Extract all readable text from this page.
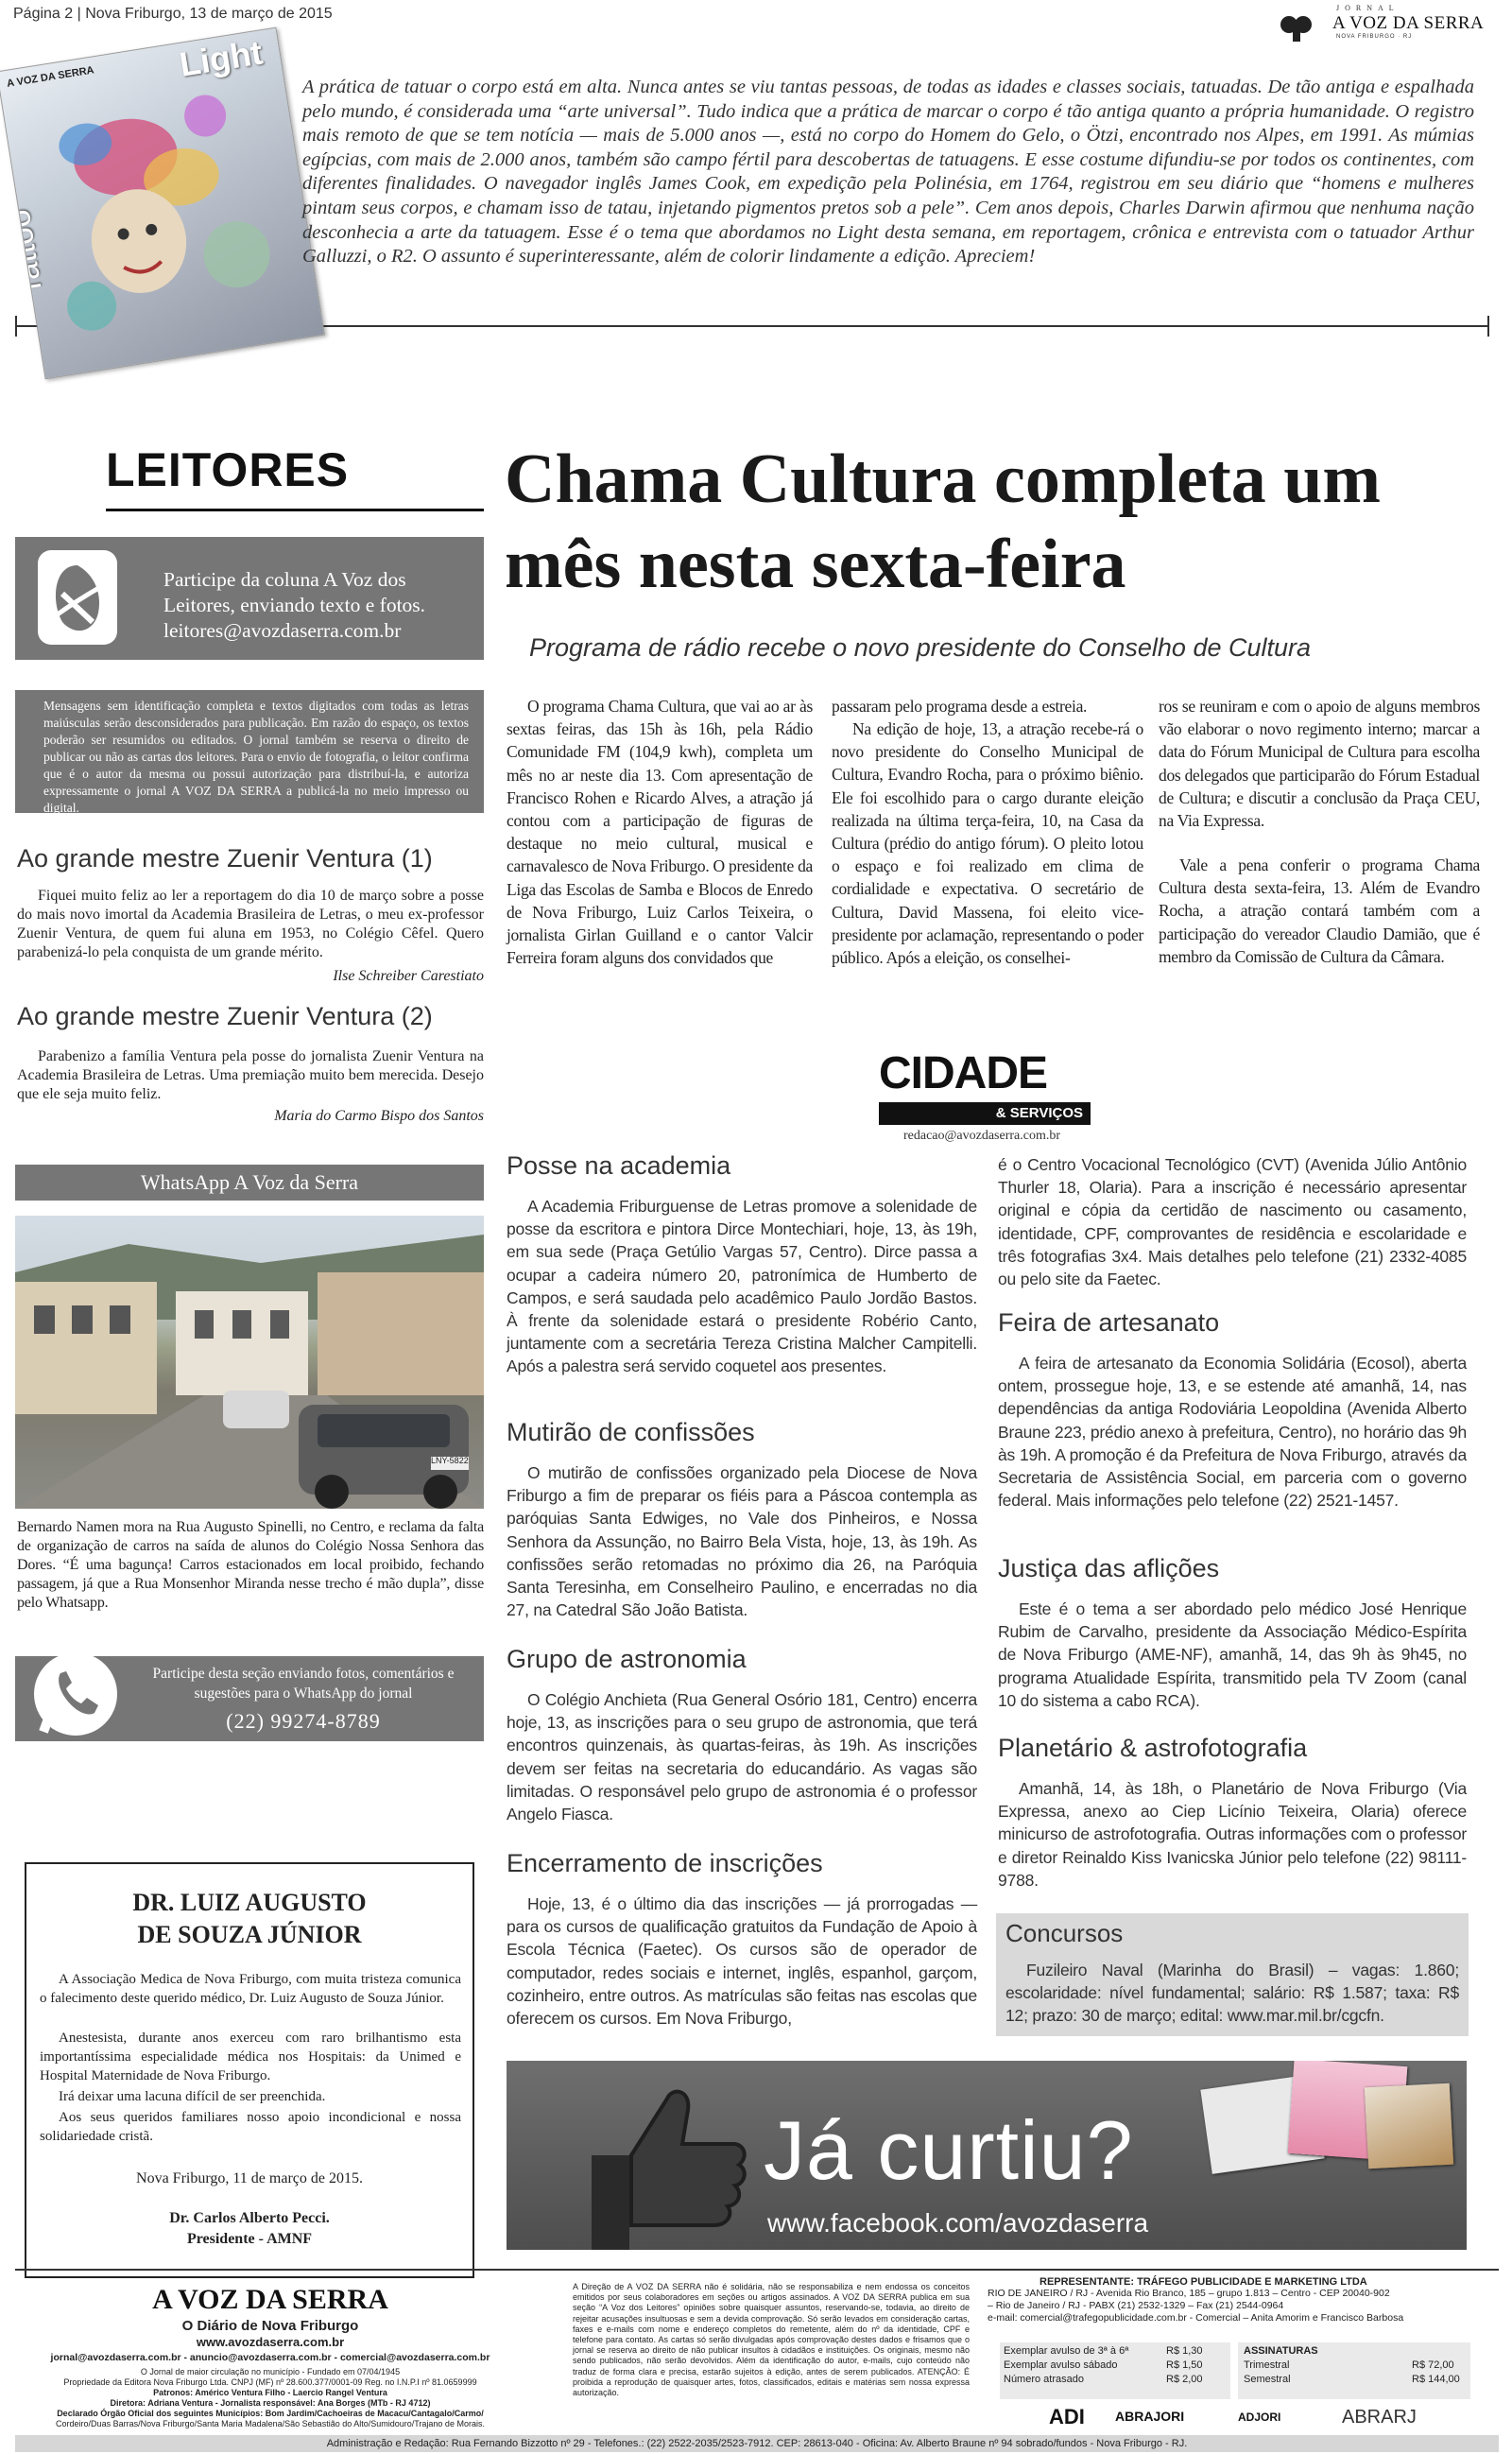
Página 2 | Nova Friburgo, 13 de março de 2015	JORNAL
A VOZ DA SERRA
NOVA FRIBURGO · RJ
A VOZ DA SERRA Light
Tattoo
A prática de tatuar o corpo está em alta. Nunca antes se viu tantas pessoas, de todas as idades e classes sociais, tatuadas. De tão antiga e espalhada pelo mundo, é considerada uma “arte universal”. Tudo indica que a prática de marcar o corpo é tão antiga quanto a própria humanidade. O registro mais remoto de que se tem notícia — mais de 5.000 anos —, está no corpo do Homem do Gelo, o Ötzi, encontrado nos Alpes, em 1991. As múmias egípcias, com mais de 2.000 anos, também são campo fértil para descobertas de tatuagens. E esse costume difundiu-se por todos os continentes, com diferentes finalidades. O navegador inglês James Cook, em expedição pela Polinésia, em 1764, registrou em seu diário que “homens e mulheres pintam seus corpos, e chamam isso de tatau, injetando pigmentos pretos sob a pele”. Cem anos depois, Charles Darwin afirmou que nenhuma nação desconhecia a arte da tatuagem. Esse é o tema que abordamos no Light desta semana, em reportagem, crônica e entrevista com o tatuador Arthur Galluzzi, o R2. O assunto é superinteressante, além de colorir lindamente a edição. Apreciem!
LEITORES
Participe da coluna A Voz dos Leitores, enviando texto e fotos.
leitores@avozdaserra.com.br
Mensagens sem identificação completa e textos digitados com todas as letras maiúsculas serão desconsiderados para publicação. Em razão do espaço, os textos poderão ser resumidos ou editados. O jornal também se reserva o direito de publicar ou não as cartas dos leitores. Para o envio de fotografia, o leitor confirma que é o autor da mesma ou possui autorização para distribuí-la, e autoriza expressamente o jornal A VOZ DA SERRA a publicá-la no meio impresso ou digital.
Ao grande mestre Zuenir Ventura (1)
Fiquei muito feliz ao ler a reportagem do dia 10 de março sobre a posse do mais novo imortal da Academia Brasileira de Letras, o meu ex-professor Zuenir Ventura, de quem fui aluna em 1953, no Colégio Cêfel. Quero parabenizá-lo pela conquista de um grande mérito.
Ilse Schreiber Carestiato
Ao grande mestre Zuenir Ventura (2)
Parabenizo a família Ventura pela posse do jornalista Zuenir Ventura na Academia Brasileira de Letras. Uma premiação muito bem merecida. Desejo que ele seja muito feliz.
Maria do Carmo Bispo dos Santos
WhatsApp A Voz da Serra
LNY-5822
Bernardo Namen mora na Rua Augusto Spinelli, no Centro, e reclama da falta de organização de carros na saída de alunos do Colégio Nossa Senhora das Dores. “É uma bagunça! Carros estacionados em local proibido, fechando passagem, já que a Rua Monsenhor Miranda nesse trecho é mão dupla”, disse pelo Whatsapp.
Participe desta seção enviando fotos, comentários e sugestões para o WhatsApp do jornal
(22) 99274-8789
DR. LUIZ AUGUSTO
DE SOUZA JÚNIOR
A Associação Medica de Nova Friburgo, com muita tristeza comunica o falecimento deste querido médico, Dr. Luiz Augusto de Souza Júnior.
Anestesista, durante anos exerceu com raro brilhantismo esta importantíssima especialidade médica nos Hospitais: da Unimed e Hospital Maternidade de Nova Friburgo.
Irá deixar uma lacuna difícil de ser preenchida.
Aos seus queridos familiares nosso apoio incondicional e nossa solidariedade cristã.
Nova Friburgo, 11 de março de 2015.
Dr. Carlos Alberto Pecci.
Presidente - AMNF
Chama Cultura completa um mês nesta sexta-feira
Programa de rádio recebe o novo presidente do Conselho de Cultura
O programa Chama Cultura, que vai ao ar às sextas feiras, das 15h às 16h, pela Rádio Comunidade FM (104,9 kwh), completa um mês no ar neste dia 13. Com apresentação de Francisco Rohen e Ricardo Alves, a atração já contou com a participação de figuras de destaque no meio cultural, musical e carnavalesco de Nova Friburgo. O presidente da Liga das Escolas de Samba e Blocos de Enredo de Nova Friburgo, Luiz Carlos Teixeira, o jornalista Girlan Guilland e o cantor Valcir Ferreira foram alguns dos convidados que
passaram pelo programa desde a estreia.
Na edição de hoje, 13, a atração recebe-rá o novo presidente do Conselho Municipal de Cultura, Evandro Rocha, para o próximo biênio. Ele foi escolhido para o cargo durante eleição realizada na última terça-feira, 10, na Casa da Cultura (prédio do antigo fórum). O pleito lotou o espaço e foi realizado em clima de cordialidade e expectativa. O secretário de Cultura, David Massena, foi eleito vice-presidente por aclamação, representando o poder público. Após a eleição, os conselhei-
ros se reuniram e com o apoio de alguns membros vão elaborar o novo regimento interno; marcar a data do Fórum Municipal de Cultura para escolha dos delegados que participarão do Fórum Estadual de Cultura; e discutir a conclusão da Praça CEU, na Via Expressa.
Vale a pena conferir o programa Chama Cultura desta sexta-feira, 13. Além de Evandro Rocha, a atração contará também com a participação do vereador Claudio Damião, que é membro da Comissão de Cultura da Câmara.
CIDADE
& SERVIÇOS
redacao@avozdaserra.com.br
Posse na academia
A Academia Friburguense de Letras promove a solenidade de posse da escritora e pintora Dirce Montechiari, hoje, 13, às 19h, em sua sede (Praça Getúlio Vargas 57, Centro). Dirce passa a ocupar a cadeira número 20, patronímica de Humberto de Campos, e será saudada pelo acadêmico Paulo Jordão Bastos. À frente da solenidade estará o presidente Robério Canto, juntamente com a secretária Tereza Cristina Malcher Campitelli. Após a palestra será servido coquetel aos presentes.
Mutirão de confissões
O mutirão de confissões organizado pela Diocese de Nova Friburgo a fim de preparar os fiéis para a Páscoa contempla as paróquias Santa Edwiges, no Vale dos Pinheiros, e Nossa Senhora da Assunção, no Bairro Bela Vista, hoje, 13, às 19h. As confissões serão retomadas no próximo dia 26, na Paróquia Santa Teresinha, em Conselheiro Paulino, e encerradas no dia 27, na Catedral São João Batista.
Grupo de astronomia
O Colégio Anchieta (Rua General Osório 181, Centro) encerra hoje, 13, as inscrições para o seu grupo de astronomia, que terá encontros quinzenais, às quartas-feiras, às 19h. As inscrições devem ser feitas na secretaria do educandário. As vagas são limitadas. O responsável pelo grupo de astronomia é o professor Angelo Fiasca.
Encerramento de inscrições
Hoje, 13, é o último dia das inscrições — já prorrogadas — para os cursos de qualificação gratuitos da Fundação de Apoio à Escola Técnica (Faetec). Os cursos são de operador de computador, redes sociais e internet, inglês, espanhol, garçom, cozinheiro, entre outros. As matrículas são feitas nas escolas que oferecem os cursos. Em Nova Friburgo,
é o Centro Vocacional Tecnológico (CVT) (Avenida Júlio Antônio Thurler 18, Olaria). Para a inscrição é necessário apresentar original e cópia da certidão de nascimento ou casamento, identidade, CPF, comprovantes de residência e escolaridade e três fotografias 3x4. Mais detalhes pelo telefone (21) 2332-4085 ou pelo site da Faetec.
Feira de artesanato
A feira de artesanato da Economia Solidária (Ecosol), aberta ontem, prossegue hoje, 13, e se estende até amanhã, 14, nas dependências da antiga Rodoviária Leopoldina (Avenida Alberto Braune 223, prédio anexo à prefeitura, Centro), no horário das 9h às 19h. A promoção é da Prefeitura de Nova Friburgo, através da Secretaria de Assistência Social, em parceria com o governo federal. Mais informações pelo telefone (22) 2521-1457.
Justiça das aflições
Este é o tema a ser abordado pelo médico José Henrique Rubim de Carvalho, presidente da Associação Médico-Espírita de Nova Friburgo (AME-NF), amanhã, 14, das 9h às 9h45, no programa Atualidade Espírita, transmitido pela TV Zoom (canal 10 do sistema a cabo RCA).
Planetário & astrofotografia
Amanhã, 14, às 18h, o Planetário de Nova Friburgo (Via Expressa, anexo ao Ciep Licínio Teixeira, Olaria) oferece minicurso de astrofotografia. Outras informações com o professor e diretor Reinaldo Kiss Ivanicska Júnior pelo telefone (22) 98111-9788.
Concursos
Fuzileiro Naval (Marinha do Brasil) – vagas: 1.860; escolaridade: nível fundamental; salário: R$ 1.587; taxa: R$ 12; prazo: 30 de março; edital: www.mar.mil.br/cgcfn.
Já curtiu?
www.facebook.com/avozdaserra
A VOZ DA SERRA
O Diário de Nova Friburgo
www.avozdaserra.com.br
jornal@avozdaserra.com.br - anuncio@avozdaserra.com.br - comercial@avozdaserra.com.br
O Jornal de maior circulação no município - Fundado em 07/04/1945
Propriedade da Editora Nova Friburgo Ltda. CNPJ (MF) nº 28.600.377/0001-09 Reg. no I.N.P.I nº 81.0659999
Patronos: Américo Ventura Filho - Laercio Rangel Ventura
Diretora: Adriana Ventura - Jornalista responsável: Ana Borges (MTb - RJ 4712)
Declarado Órgão Oficial dos seguintes Municípios: Bom Jardim/Cachoeiras de Macacu/Cantagalo/Carmo/
Cordeiro/Duas Barras/Nova Friburgo/Santa Maria Madalena/São Sebastião do Alto/Sumidouro/Trajano de Morais.
A Direção de A VOZ DA SERRA não é solidária, não se responsabiliza e nem endossa os conceitos emitidos por seus colaboradores em seções ou artigos assinados. A VOZ DA SERRA publica em sua seção “A Voz dos Leitores” opiniões sobre quaisquer assuntos, reservando-se, todavia, ao direito de rejeitar acusações insultuosas e sem a devida comprovação. Só serão levados em consideração cartas, faxes e e-mails com nome e endereço completos do remetente, além do nº da identidade, CPF e telefone para contato. As cartas só serão divulgadas após comprovação destes dados e frisamos que o jornal se reserva ao direito de não publicar insultos à cidadãos e instituições. Os originais, mesmo não sendo publicados, não serão devolvidos. Além da identificação do autor, e-mails, cujo conteúdo não traduz de forma clara e precisa, estarão sujeitos à edição, antes de serem publicados. ATENÇÃO: É proibida a reprodução de quaisquer artes, fotos, classificados, editais e matérias sem nossa expressa autorização.
REPRESENTANTE: TRÁFEGO PUBLICIDADE E MARKETING LTDA
RIO DE JANEIRO / RJ - Avenida Rio Branco, 185 – grupo 1.813 – Centro - CEP 20040-902
– Rio de Janeiro / RJ - PABX (21) 2532-1329 – Fax (21) 2544-0964
e-mail: comercial@trafegopublicidade.com.br - Comercial – Anita Amorim e Francisco Barbosa
Exemplar avulso de 3ª à 6ª	R$ 1,30
Exemplar avulso sábado	R$ 1,50
Número atrasado	R$ 2,00
ASSINATURAS
Trimestral	R$ 72,00
Semestral	R$ 144,00
ADI ABRAJORI	ADJORI	ABRARJ
Administração e Redação: Rua Fernando Bizzotto nº 29 - Telefones.: (22) 2522-2035/2523-7912. CEP: 28613-040 - Oficina: Av. Alberto Braune nº 94 sobrado/fundos - Nova Friburgo - RJ.
